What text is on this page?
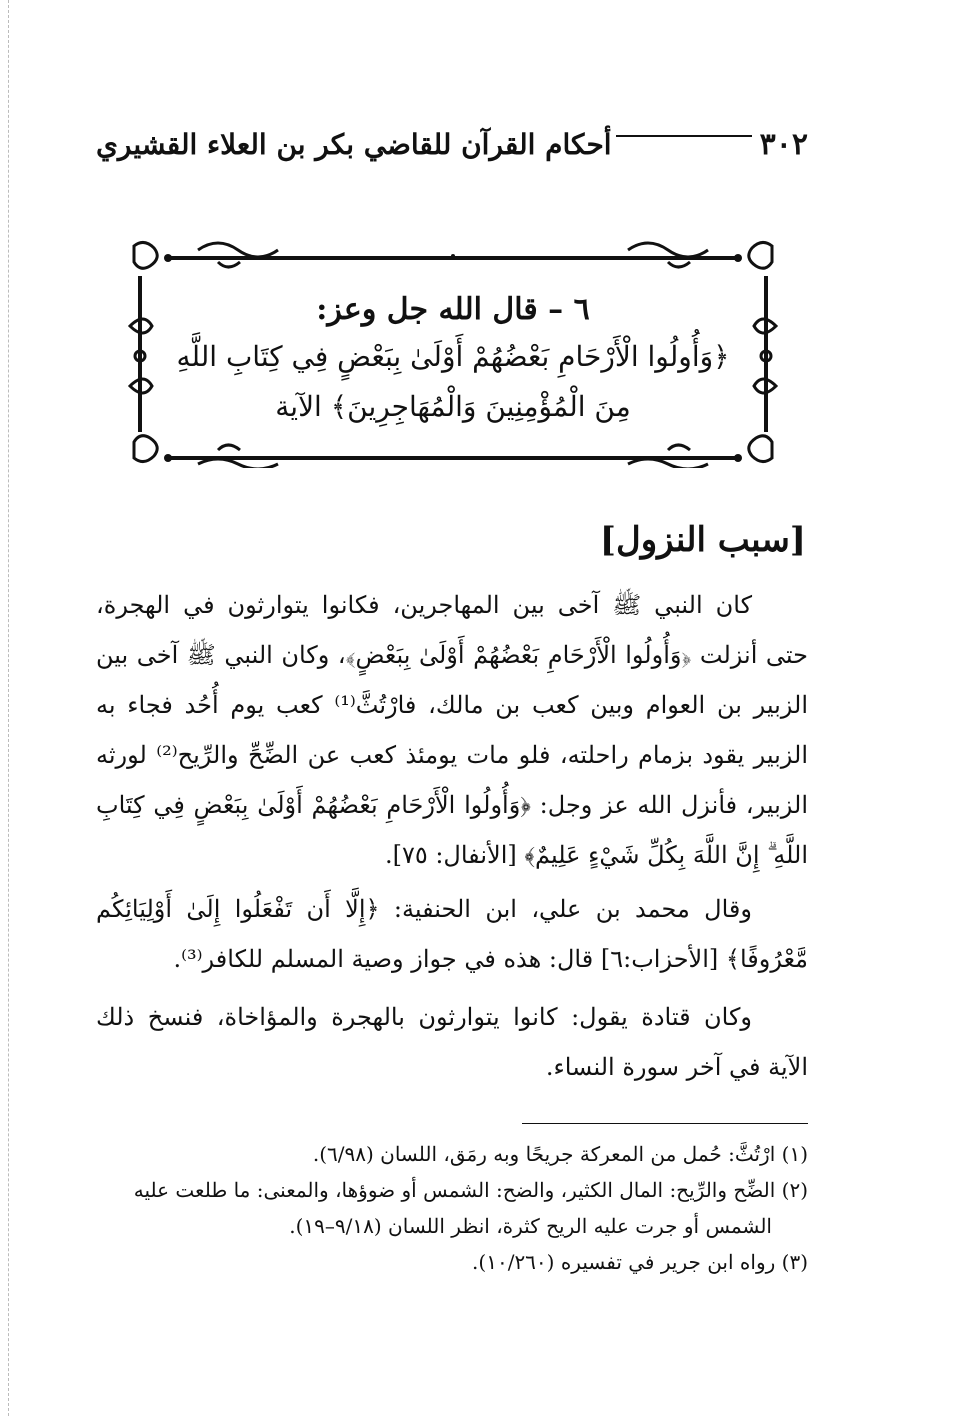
٣٠٢
أحكام القرآن للقاضي بكر بن العلاء القشيري
٦ – قال الله جل وعز:
﴿وَأُولُوا الْأَرْحَامِ بَعْضُهُمْ أَوْلَىٰ بِبَعْضٍ فِي كِتَابِ اللَّهِ
مِنَ الْمُؤْمِنِينَ وَالْمُهَاجِرِينَ﴾ الآية
[سبب النزول]

كان النبي ﷺ آخى بين المهاجرين، فكانوا يتوارثون في الهجرة، حتى أنزلت ﴿وَأُولُوا الْأَرْحَامِ بَعْضُهُمْ أَوْلَىٰ بِبَعْضٍ﴾، وكان النبي ﷺ آخى بين الزبير بن العوام وبين كعب بن مالك، فارْتُثَّ⁽¹⁾ كعب يوم أُحُد فجاء به الزبير يقود بزمام راحلته، فلو مات يومئذ كعب عن الضِّحِّ والرِّيح⁽²⁾ لورثه الزبير، فأنزل الله عز وجل: ﴿وَأُولُوا الْأَرْحَامِ بَعْضُهُمْ أَوْلَىٰ بِبَعْضٍ فِي كِتَابِ اللَّهِ ۗ إِنَّ اللَّهَ بِكُلِّ شَيْءٍ عَلِيمٌ﴾ [الأنفال: ٧٥].

وقال محمد بن علي، ابن الحنفية: ﴿إِلَّا أَن تَفْعَلُوا إِلَىٰ أَوْلِيَائِكُم مَّعْرُوفًا﴾ [الأحزاب:٦] قال: هذه في جواز وصية المسلم للكافر⁽³⁾.

وكان قتادة يقول: كانوا يتوارثون بالهجرة والمؤاخاة، فنسخ ذلك الآية في آخر سورة النساء.

(١) ارْتُثَّ: حُمل من المعركة جريحًا وبه رمَق، اللسان (٦/٩٨).

(٢) الضِّح والرِّيح: المال الكثير، والضح: الشمس أو ضوؤها، والمعنى: ما طلعت عليه

الشمس أو جرت عليه الريح كثرة، انظر اللسان (٩/١٨–١٩).

(٣) رواه ابن جرير في تفسيره (١٠/٢٦٠).
